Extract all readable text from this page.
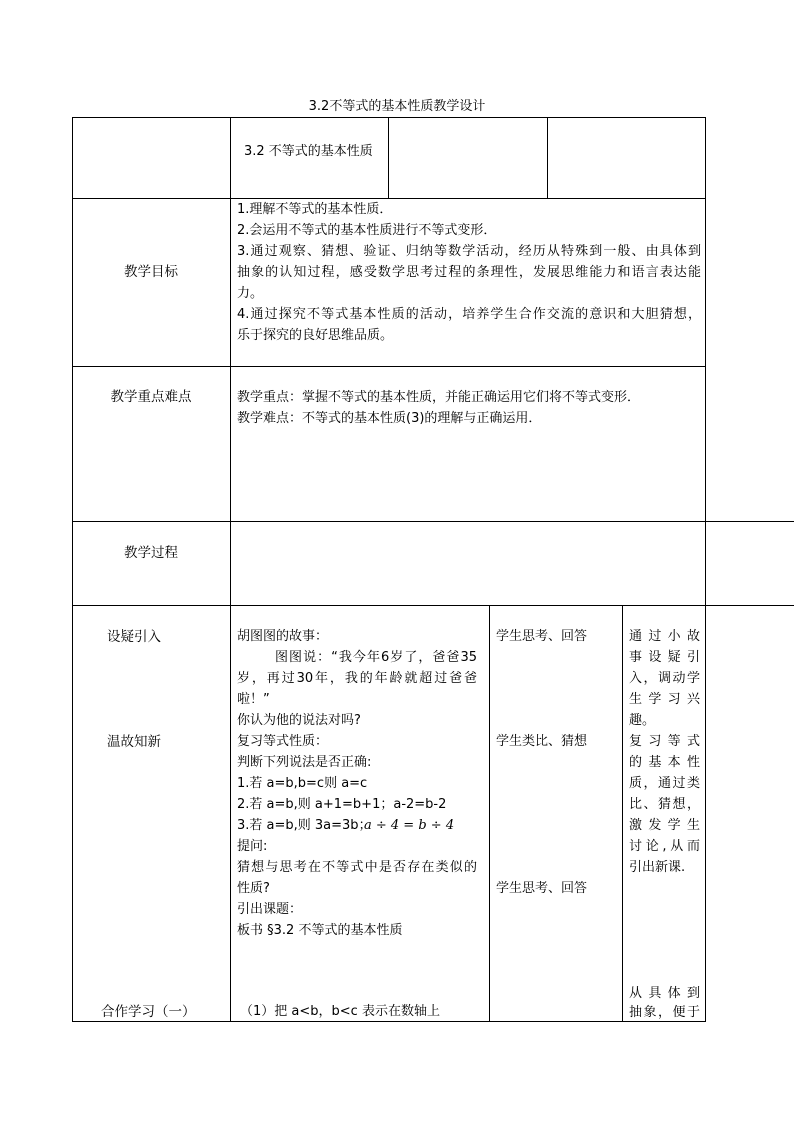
3.2不等式的基本性质教学设计
3.2 不等式的基本性质
教学目标
1.理解不等式的基本性质．
2.会运用不等式的基本性质进行不等式变形．
3.通过观察、猜想、验证、归纳等数学活动，经历从特殊到一般、由具体到
抽象的认知过程，感受数学思考过程的条理性，发展思维能力和语言表达能
力。
4.通过探究不等式基本性质的活动，培养学生合作交流的意识和大胆猜想，
乐于探究的良好思维品质。
教学重点难点	教学重点：掌握不等式的基本性质，并能正确运用它们将不等式变形．
教学难点：不等式的基本性质(3)的理解与正确运用．
教学过程
设疑引入
温故知新
合作学习（一）
胡图图的故事：
图图说：“我今年6岁了，爸爸35
岁，再过30年，我的年龄就超过爸爸
啦！”
你认为他的说法对吗?
复习等式性质：
判断下列说法是否正确:
1.若 a=b,b=c则 a=c
2.若 a=b,则 a+1=b+1；a-2=b-2
3.若 a=b,则 3a=3b；
a ÷ 4 = b ÷ 4
提问:
猜想与思考在不等式中是否存在类似的
性质?
引出课题：
板书 §3.2 不等式的基本性质
（1）把 a<b，b<c 表示在数轴上
学生思考、回答
学生类比、猜想
学生思考、回答
通过小故
事设疑引
入，调动学
生学习兴
趣。
复习等式
的基本性
质，通过类
比、猜想，
激发学生
讨论,从而
引出新课.
从具体到
抽象，便于
